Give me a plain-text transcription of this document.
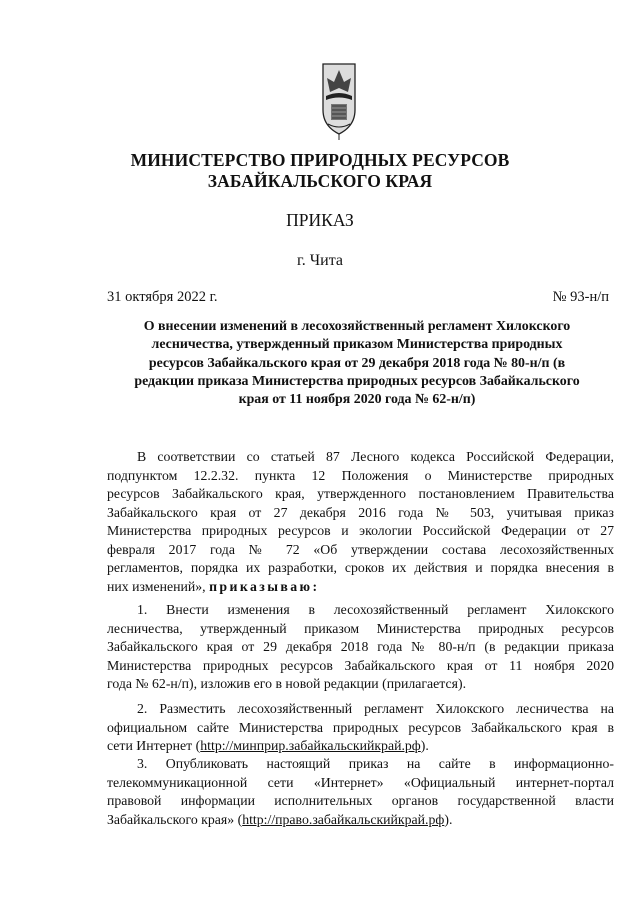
МИНИСТЕРСТВО ПРИРОДНЫХ РЕСУРСОВ
ЗАБАЙКАЛЬСКОГО КРАЯ
ПРИКАЗ
г. Чита
31 октября 2022 г.	№ 93-н/п
О внесении изменений в лесохозяйственный регламент Хилокского
лесничества, утвержденный приказом Министерства природных
ресурсов Забайкальского края от 29 декабря 2018 года № 80-н/п (в
редакции приказа Министерства природных ресурсов Забайкальского
края от 11 ноября 2020 года № 62-н/п)
В соответствии со статьей 87 Лесного кодекса Российской Федерации,
подпунктом 12.2.32. пункта 12 Положения о Министерстве природных
ресурсов Забайкальского края, утвержденного постановлением Правительства
Забайкальского края от 27 декабря 2016 года № 503, учитывая приказ
Министерства природных ресурсов и экологии Российской Федерации от 27
февраля 2017 года № 72 «Об утверждении состава лесохозяйственных
регламентов, порядка их разработки, сроков их действия и порядка внесения в
них изменений», приказываю:
1. Внести изменения в лесохозяйственный регламент Хилокского
лесничества, утвержденный приказом Министерства природных ресурсов
Забайкальского края от 29 декабря 2018 года № 80-н/п (в редакции приказа
Министерства природных ресурсов Забайкальского края от 11 ноября 2020
года № 62-н/п), изложив его в новой редакции (прилагается).
2. Разместить лесохозяйственный регламент Хилокского лесничества на
официальном сайте Министерства природных ресурсов Забайкальского края в
сети Интернет (http://минприр.забайкальскийкрай.рф).
3. Опубликовать настоящий приказ на сайте в информационно-
телекоммуникационной сети «Интернет» «Официальный интернет-портал
правовой информации исполнительных органов государственной власти
Забайкальского края» (http://право.забайкальскийкрай.рф).
